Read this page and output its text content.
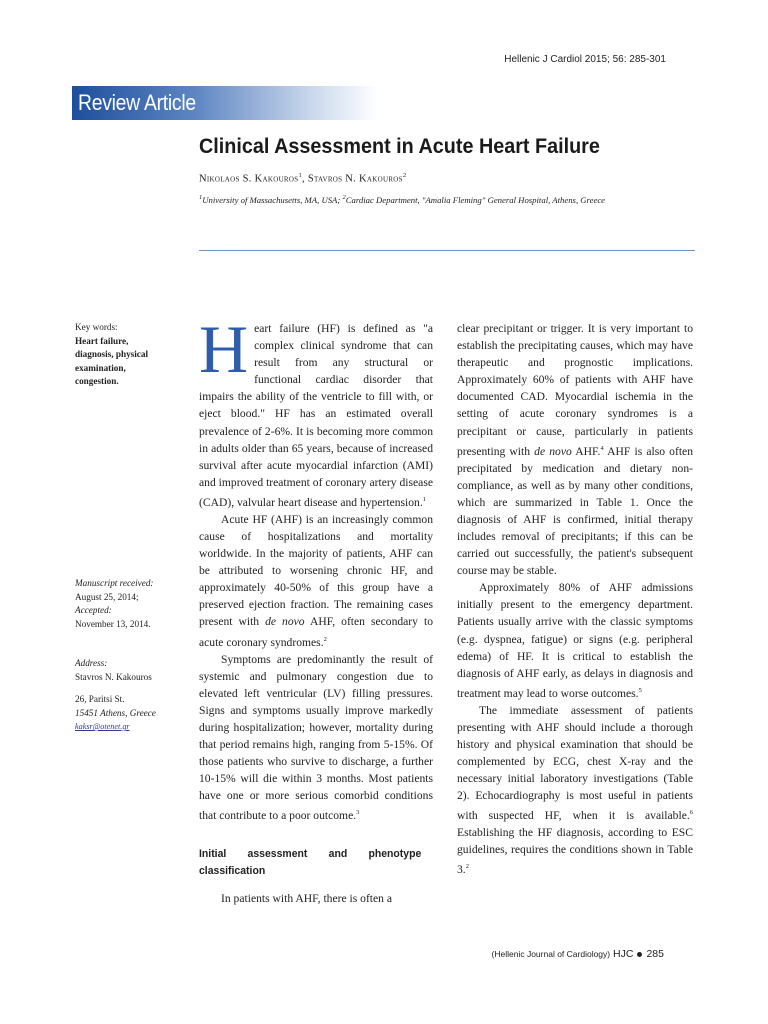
Hellenic J Cardiol 2015; 56: 285-301
Review Article
Clinical Assessment in Acute Heart Failure
Nikolaos S. Kakouros$^1$, Stavros N. Kakouros$^2$
$^1$University of Massachusetts, MA, USA; $^2$Cardiac Department, "Amalia Fleming" General Hospital, Athens, Greece
Key words:
Heart failure,
diagnosis, physical
examination,
congestion.
Manuscript received:
August 25, 2014;
Accepted:
November 13, 2014.
Address:
Stavros N. Kakouros
26, Paritsi St.
15451 Athens, Greece
kaksr@otenet.gr

Heart failure (HF) is defined as "a complex clinical syndrome that can result from any structural or functional cardiac disorder that impairs the ability of the ventricle to fill with, or eject blood." HF has an estimated overall prevalence of 2-6%. It is becoming more common in adults older than 65 years, because of increased survival after acute myocardial infarction (AMI) and improved treatment of coronary artery disease (CAD), valvular heart disease and hypertension.$^1$

Acute HF (AHF) is an increasingly common cause of hospitalizations and mortality worldwide. In the majority of patients, AHF can be attributed to worsening chronic HF, and approximately 40-50% of this group have a preserved ejection fraction. The remaining cases present with de novo AHF, often secondary to acute coronary syndromes.$^2$

Symptoms are predominantly the result of systemic and pulmonary congestion due to elevated left ventricular (LV) filling pressures. Signs and symptoms usually improve markedly during hospitalization; however, mortality during that period remains high, ranging from 5-15%. Of those patients who survive to discharge, a further 10-15% will die within 3 months. Most patients have one or more serious comorbid conditions that contribute to a poor outcome.$^3$

Initial assessment and phenotype classification

In patients with AHF, there is often a

clear precipitant or trigger. It is very important to establish the precipitating causes, which may have therapeutic and prognostic implications. Approximately 60% of patients with AHF have documented CAD. Myocardial ischemia in the setting of acute coronary syndromes is a precipitant or cause, particularly in patients presenting with de novo AHF.$^4$ AHF is also often precipitated by medication and dietary non-compliance, as well as by many other conditions, which are summarized in Table 1. Once the diagnosis of AHF is confirmed, initial therapy includes removal of precipitants; if this can be carried out successfully, the patient's subsequent course may be stable.

Approximately 80% of AHF admissions initially present to the emergency department. Patients usually arrive with the classic symptoms (e.g. dyspnea, fatigue) or signs (e.g. peripheral edema) of HF. It is critical to establish the diagnosis of AHF early, as delays in diagnosis and treatment may lead to worse outcomes.$^5$

The immediate assessment of patients presenting with AHF should include a thorough history and physical examination that should be complemented by ECG, chest X-ray and the necessary initial laboratory investigations (Table 2). Echocardiography is most useful in patients with suspected HF, when it is available.$^6$ Establishing the HF diagnosis, according to ESC guidelines, requires the conditions shown in Table 3.$^2$

(Hellenic Journal of Cardiology) HJC 285
